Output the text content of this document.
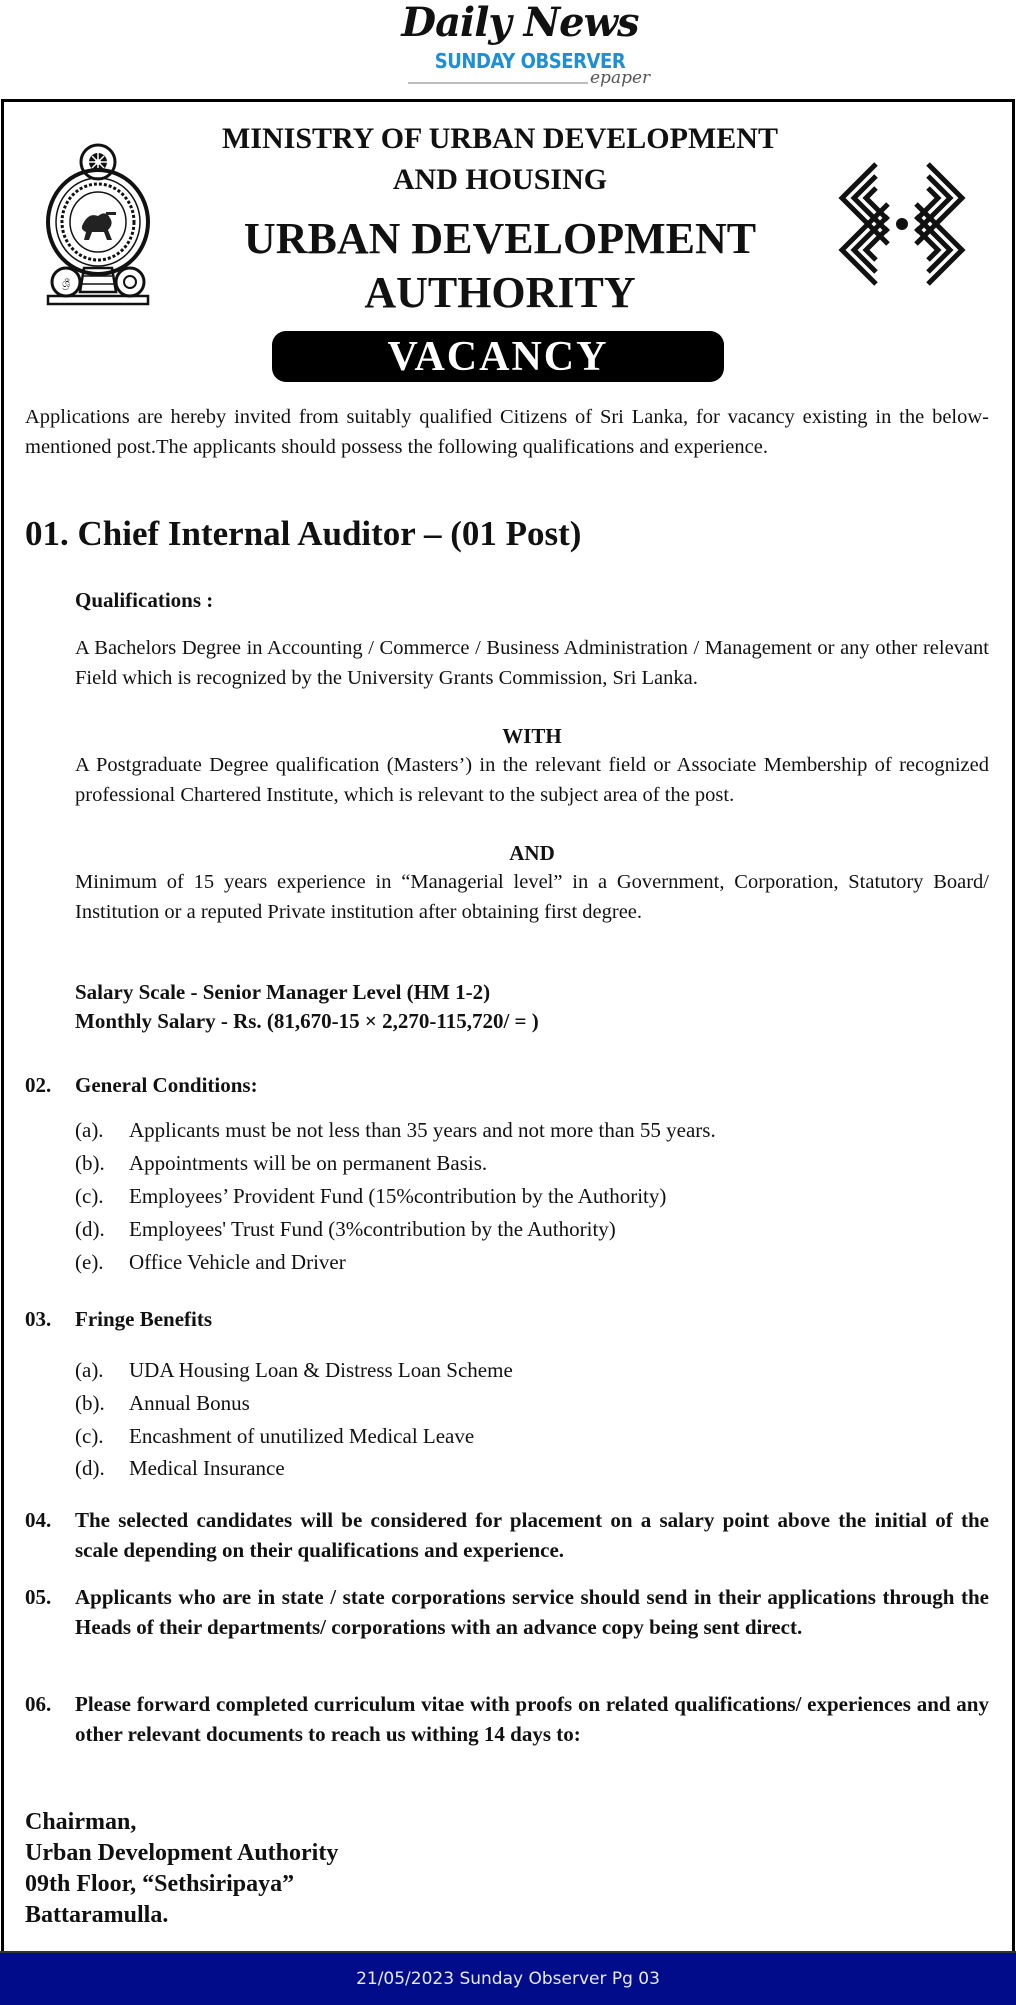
Daily News
SUNDAY OBSERVER
epaper
ශ්‍රී
MINISTRY OF URBAN DEVELOPMENT
AND HOUSING
URBAN DEVELOPMENT
AUTHORITY
VACANCY
Applications are hereby invited from suitably qualified Citizens of Sri Lanka, for vacancy existing in the below-mentioned post.The applicants should possess the following qualifications and experience.
01. Chief Internal Auditor – (01 Post)
Qualifications :
A Bachelors Degree in Accounting / Commerce / Business Administration / Management or any other relevant Field which is recognized by the University Grants Commission, Sri Lanka.
WITH
A Postgraduate Degree qualification (Masters’) in the relevant field or Associate Membership of recognized professional Chartered Institute, which is relevant to the subject area of the post.
AND
Minimum of 15 years experience in “Managerial level” in a Government, Corporation, Statutory Board/ Institution or a reputed Private institution after obtaining first degree.
Salary Scale - Senior Manager Level (HM 1-2)
Monthly Salary - Rs. (81,670-15 × 2,270-115,720/ = )
02. General Conditions:
(a). Applicants must be not less than 35 years and not more than 55 years.
(b). Appointments will be on permanent Basis.
(c). Employees’ Provident Fund (15%contribution by the Authority)
(d). Employees' Trust Fund (3%contribution by the Authority)
(e). Office Vehicle and Driver
03. Fringe Benefits
(a). UDA Housing Loan & Distress Loan Scheme
(b). Annual Bonus
(c). Encashment of unutilized Medical Leave
(d). Medical Insurance
04. The selected candidates will be considered for placement on a salary point above the initial of the scale depending on their qualifications and experience.
05. Applicants who are in state / state corporations service should send in their applications through the Heads of their departments/ corporations with an advance copy being sent direct.
06. Please forward completed curriculum vitae with proofs on related qualifications/ experiences and any other relevant documents to reach us withing 14 days to:
Chairman,
Urban Development Authority
09th Floor, “Sethsiripaya”
Battaramulla.
21/05/2023 Sunday Observer Pg 03
